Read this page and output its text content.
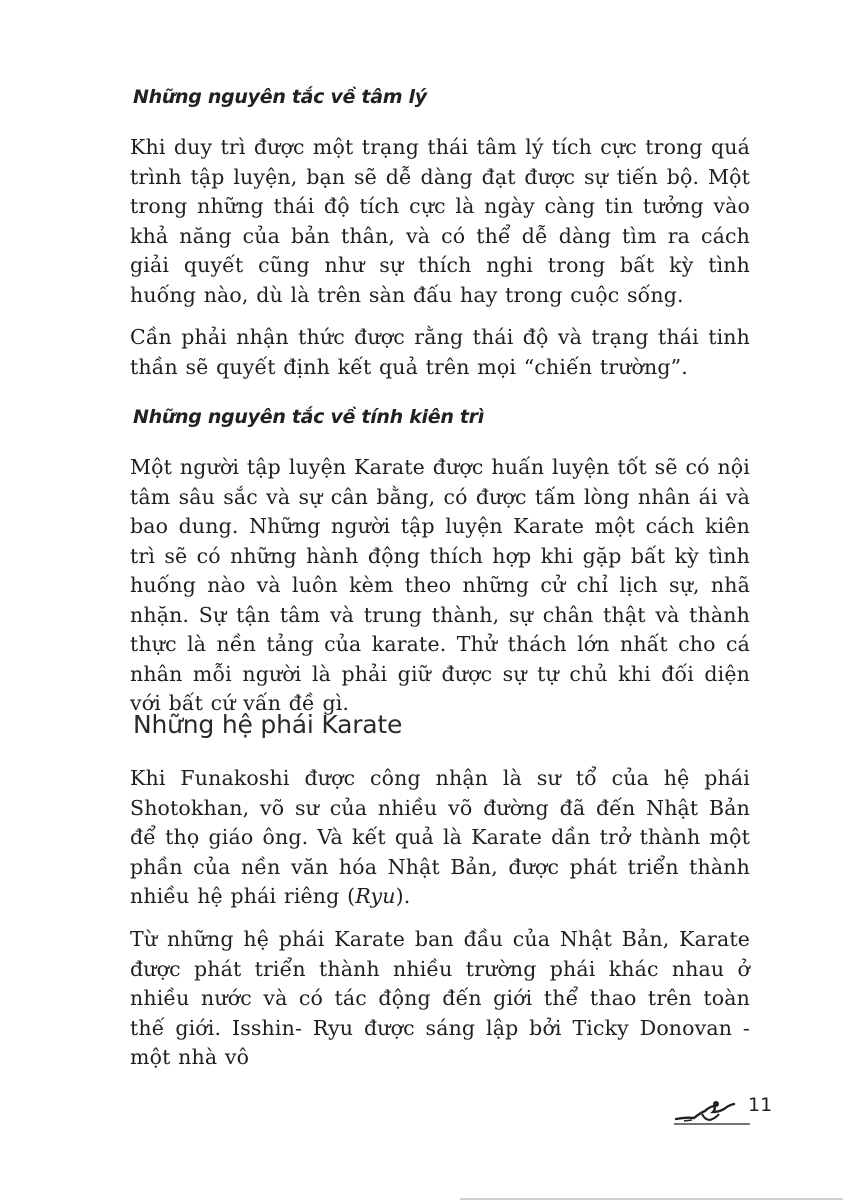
Những nguyên tắc về tâm lý

Khi duy trì được một trạng thái tâm lý tích cực trong quá trình tập luyện, bạn sẽ dễ dàng đạt được sự tiến bộ. Một trong những thái độ tích cực là ngày càng tin tưởng vào khả năng của bản thân, và có thể dễ dàng tìm ra cách giải quyết cũng như sự thích nghi trong bất kỳ tình huống nào, dù là trên sàn đấu hay trong cuộc sống.

Cần phải nhận thức được rằng thái độ và trạng thái tinh thần sẽ quyết định kết quả trên mọi “chiến trường”.

Những nguyên tắc về tính kiên trì

Một người tập luyện Karate được huấn luyện tốt sẽ có nội tâm sâu sắc và sự cân bằng, có được tấm lòng nhân ái và bao dung. Những người tập luyện Karate một cách kiên trì sẽ có những hành động thích hợp khi gặp bất kỳ tình huống nào và luôn kèm theo những cử chỉ lịch sự, nhã nhặn. Sự tận tâm và trung thành, sự chân thật và thành thực là nền tảng của karate. Thử thách lớn nhất cho cá nhân mỗi người là phải giữ được sự tự chủ khi đối diện với bất cứ vấn đề gì.

Những hệ phái Karate

Khi Funakoshi được công nhận là sư tổ của hệ phái Shotokhan, võ sư của nhiều võ đường đã đến Nhật Bản để thọ giáo ông. Và kết quả là Karate dần trở thành một phần của nền văn hóa Nhật Bản, được phát triển thành nhiều hệ phái riêng (Ryu).

Từ những hệ phái Karate ban đầu của Nhật Bản, Karate được phát triển thành nhiều trường phái khác nhau ở nhiều nước và có tác động đến giới thể thao trên toàn thế giới. Isshin- Ryu được sáng lập bởi Ticky Donovan - một nhà vô

11
